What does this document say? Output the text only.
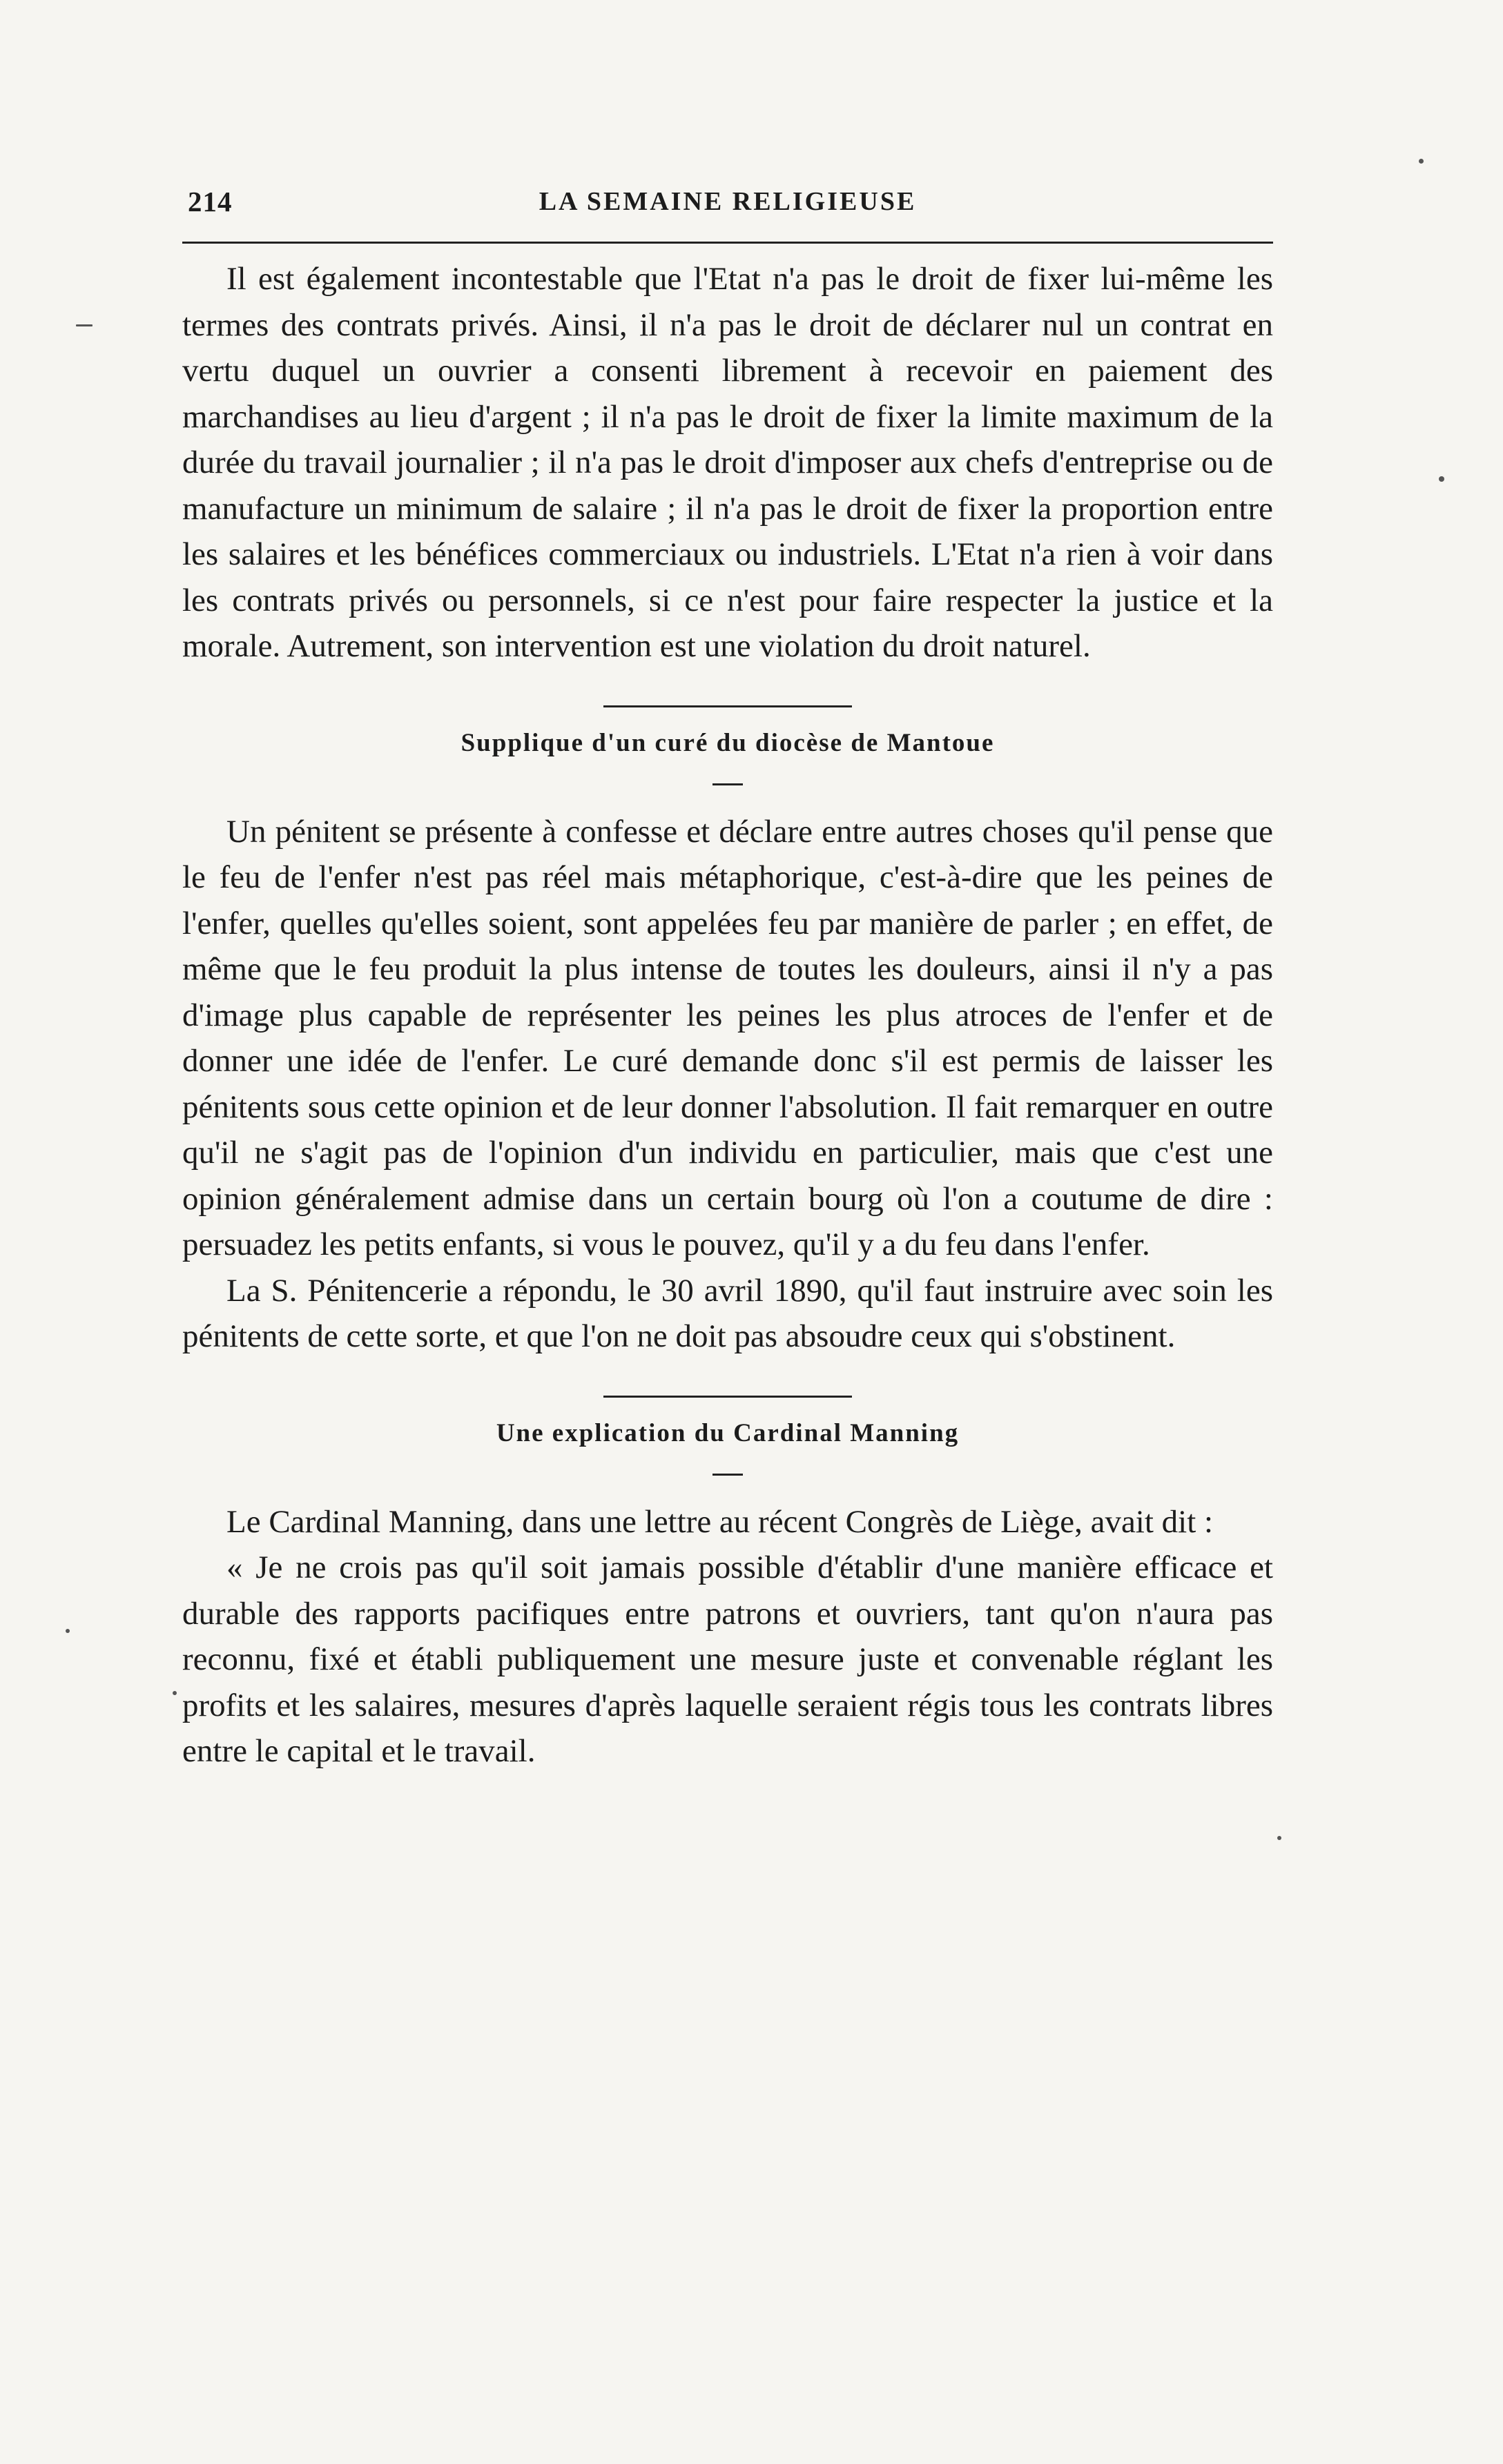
214	LA SEMAINE RELIGIEUSE

Il est également incontestable que l'Etat n'a pas le droit de fixer lui-même les termes des contrats privés. Ainsi, il n'a pas le droit de déclarer nul un contrat en vertu duquel un ouvrier a consenti librement à recevoir en paiement des marchandises au lieu d'argent ; il n'a pas le droit de fixer la limite maximum de la durée du travail journalier ; il n'a pas le droit d'imposer aux chefs d'entreprise ou de manufacture un minimum de salaire ; il n'a pas le droit de fixer la proportion entre les salaires et les bénéfices commerciaux ou industriels. L'Etat n'a rien à voir dans les contrats privés ou personnels, si ce n'est pour faire respecter la justice et la morale. Autrement, son intervention est une violation du droit naturel.

Supplique d'un curé du diocèse de Mantoue

Un pénitent se présente à confesse et déclare entre autres choses qu'il pense que le feu de l'enfer n'est pas réel mais métaphorique, c'est-à-dire que les peines de l'enfer, quelles qu'elles soient, sont appelées feu par manière de parler ; en effet, de même que le feu produit la plus intense de toutes les douleurs, ainsi il n'y a pas d'image plus capable de représenter les peines les plus atroces de l'enfer et de donner une idée de l'enfer. Le curé demande donc s'il est permis de laisser les pénitents sous cette opinion et de leur donner l'absolution. Il fait remarquer en outre qu'il ne s'agit pas de l'opinion d'un individu en particulier, mais que c'est une opinion généralement admise dans un certain bourg où l'on a coutume de dire : persuadez les petits enfants, si vous le pouvez, qu'il y a du feu dans l'enfer.

La S. Pénitencerie a répondu, le 30 avril 1890, qu'il faut instruire avec soin les pénitents de cette sorte, et que l'on ne doit pas absoudre ceux qui s'obstinent.

Une explication du Cardinal Manning

Le Cardinal Manning, dans une lettre au récent Congrès de Liège, avait dit :

« Je ne crois pas qu'il soit jamais possible d'établir d'une manière efficace et durable des rapports pacifiques entre patrons et ouvriers, tant qu'on n'aura pas reconnu, fixé et établi publiquement une mesure juste et convenable réglant les profits et les salaires, mesures d'après laquelle seraient régis tous les contrats libres entre le capital et le travail.
